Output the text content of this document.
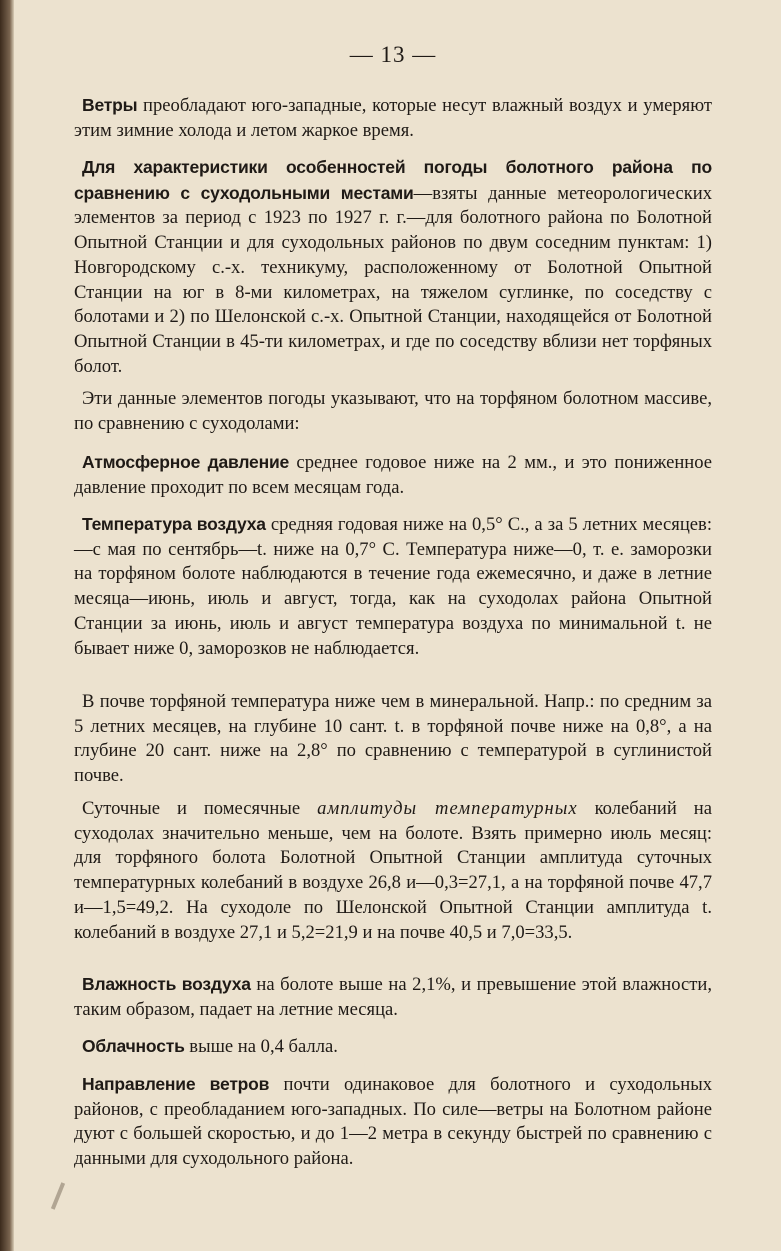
— 13 —

Ветры преобладают юго-западные, которые несут влажный воздух и умеряют этим зимние холода и летом жаркое время.

Для характеристики особенностей погоды болотного района по сравнению с суходольными местами—взяты данные метеорологических элементов за период с 1923 по 1927 г. г.—для болотного района по Болотной Опытной Станции и для суходольных районов по двум соседним пунктам: 1) Новгородскому с.-х. техникуму, расположенному от Болотной Опытной Станции на юг в 8-ми километрах, на тяжелом суглинке, по соседству с болотами и 2) по Шелонской с.-х. Опытной Станции, находящейся от Болотной Опытной Станции в 45-ти километрах, и где по соседству вблизи нет торфяных болот.

Эти данные элементов погоды указывают, что на торфяном болотном массиве, по сравнению с суходолами:

Атмосферное давление среднее годовое ниже на 2 мм., и это пониженное давление проходит по всем месяцам года.

Температура воздуха средняя годовая ниже на 0,5° С., а за 5 летних месяцев:—с мая по сентябрь—t. ниже на 0,7° С. Температура ниже—0, т. е. заморозки на торфяном болоте наблюдаются в течение года ежемесячно, и даже в летние месяца—июнь, июль и август, тогда, как на суходолах района Опытной Станции за июнь, июль и август температура воздуха по минимальной t. не бывает ниже 0, заморозков не наблюдается.

В почве торфяной температура ниже чем в минеральной. Напр.: по средним за 5 летних месяцев, на глубине 10 сант. t. в торфяной почве ниже на 0,8°, а на глубине 20 сант. ниже на 2,8° по сравнению с температурой в суглинистой почве.

Суточные и помесячные амплитуды температурных колебаний на суходолах значительно меньше, чем на болоте. Взять примерно июль месяц: для торфяного болота Болотной Опытной Станции амплитуда суточных температурных колебаний в воздухе 26,8 и—0,3=27,1, а на торфяной почве 47,7 и—1,5=49,2. На суходоле по Шелонской Опытной Станции амплитуда t. колебаний в воздухе 27,1 и 5,2=21,9 и на почве 40,5 и 7,0=33,5.

Влажность воздуха на болоте выше на 2,1%, и превышение этой влажности, таким образом, падает на летние месяца.

Облачность выше на 0,4 балла.

Направление ветров почти одинаковое для болотного и суходольных районов, с преобладанием юго-западных. По силе—ветры на Болотном районе дуют с большей скоростью, и до 1—2 метра в секунду быстрей по сравнению с данными для суходольного района.
